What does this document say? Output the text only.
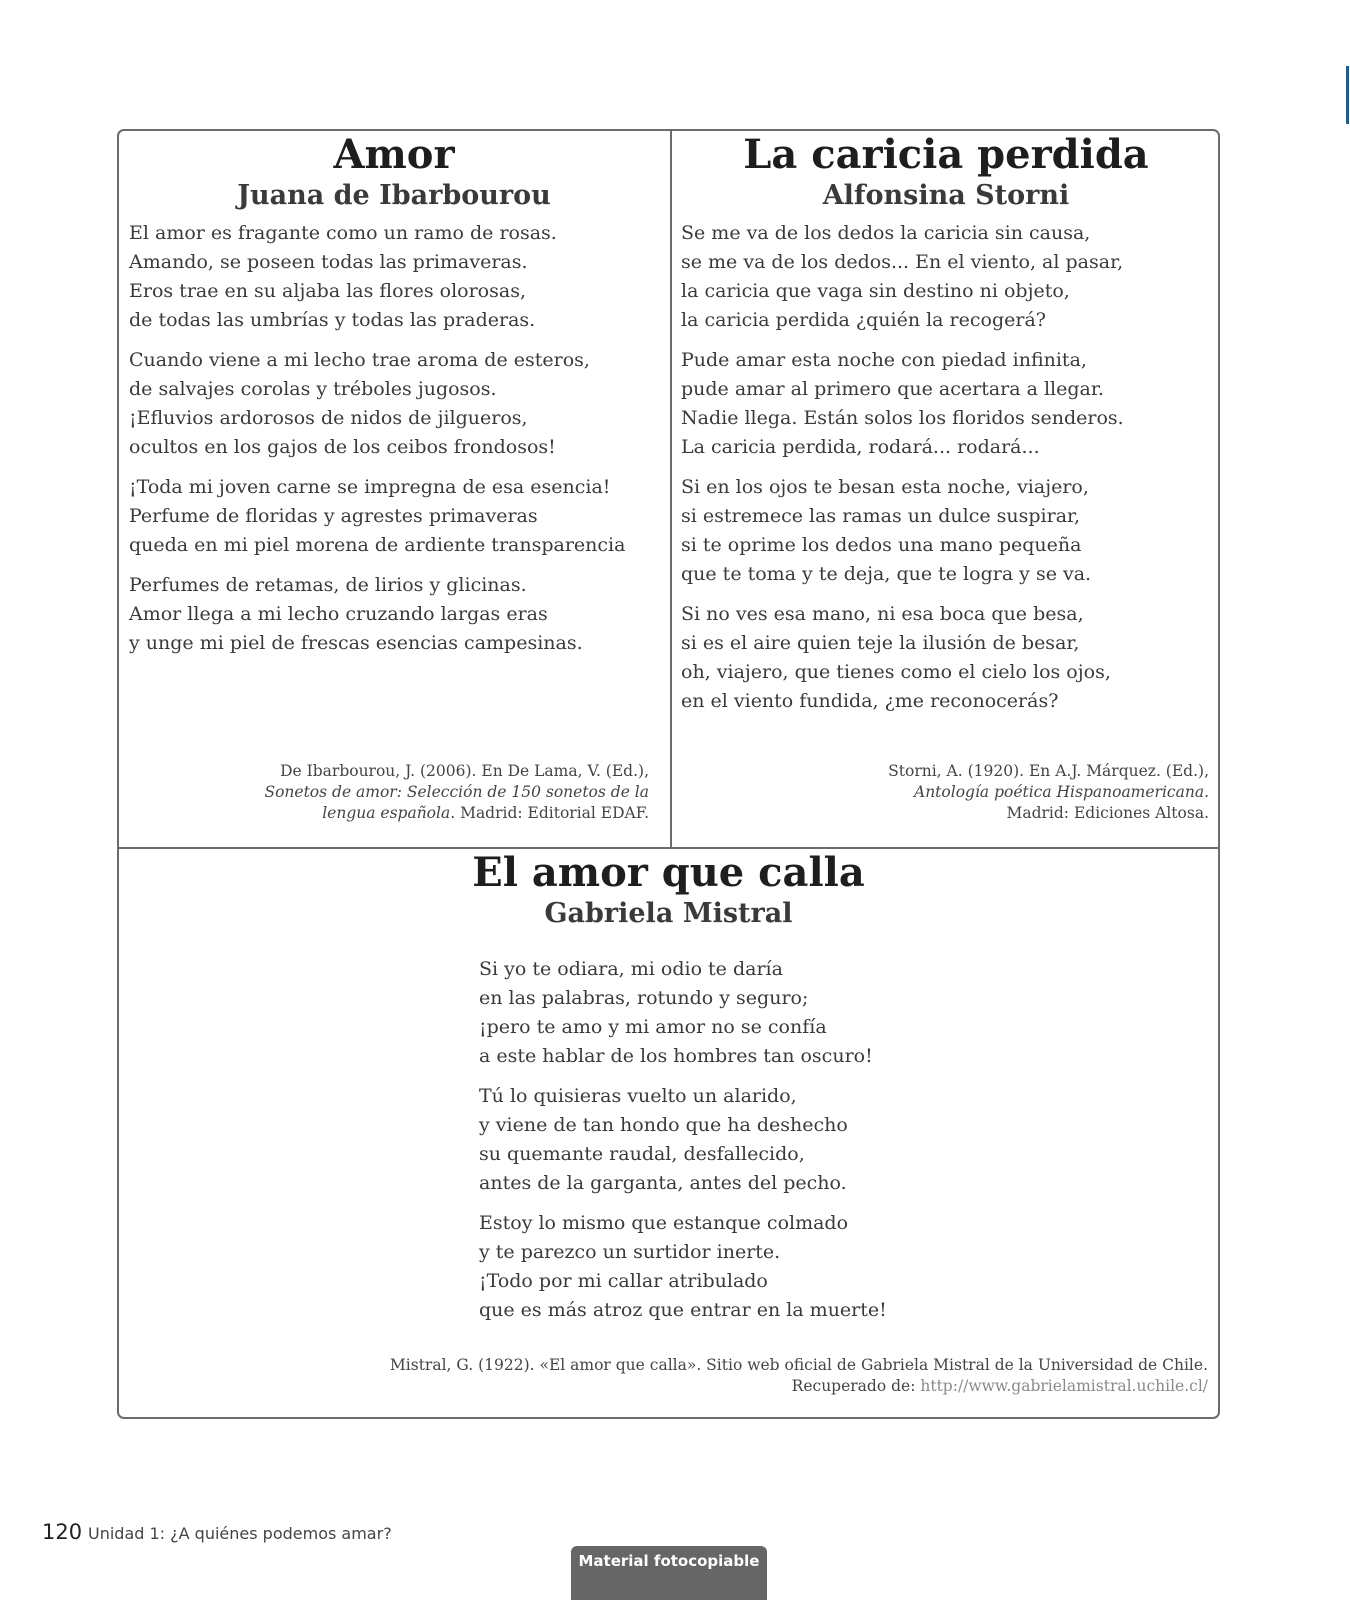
Amor
Juana de Ibarbourou
El amor es fragante como un ramo de rosas.
Amando, se poseen todas las primaveras.
Eros trae en su aljaba las flores olorosas,
de todas las umbrías y todas las praderas.
Cuando viene a mi lecho trae aroma de esteros,
de salvajes corolas y tréboles jugosos.
¡Efluvios ardorosos de nidos de jilgueros,
ocultos en los gajos de los ceibos frondosos!
¡Toda mi joven carne se impregna de esa esencia!
Perfume de floridas y agrestes primaveras
queda en mi piel morena de ardiente transparencia
Perfumes de retamas, de lirios y glicinas.
Amor llega a mi lecho cruzando largas eras
y unge mi piel de frescas esencias campesinas.
De Ibarbourou, J. (2006). En De Lama, V. (Ed.),
Sonetos de amor: Selección de 150 sonetos de la
lengua española. Madrid: Editorial EDAF.
La caricia perdida
Alfonsina Storni
Se me va de los dedos la caricia sin causa,
se me va de los dedos... En el viento, al pasar,
la caricia que vaga sin destino ni objeto,
la caricia perdida ¿quién la recogerá?
Pude amar esta noche con piedad infinita,
pude amar al primero que acertara a llegar.
Nadie llega. Están solos los floridos senderos.
La caricia perdida, rodará... rodará...
Si en los ojos te besan esta noche, viajero,
si estremece las ramas un dulce suspirar,
si te oprime los dedos una mano pequeña
que te toma y te deja, que te logra y se va.
Si no ves esa mano, ni esa boca que besa,
si es el aire quien teje la ilusión de besar,
oh, viajero, que tienes como el cielo los ojos,
en el viento fundida, ¿me reconocerás?
Storni, A. (1920). En A.J. Márquez. (Ed.),
Antología poética Hispanoamericana.
Madrid: Ediciones Altosa.
El amor que calla
Gabriela Mistral
Si yo te odiara, mi odio te daría
en las palabras, rotundo y seguro;
¡pero te amo y mi amor no se confía
a este hablar de los hombres tan oscuro!
Tú lo quisieras vuelto un alarido,
y viene de tan hondo que ha deshecho
su quemante raudal, desfallecido,
antes de la garganta, antes del pecho.
Estoy lo mismo que estanque colmado
y te parezco un surtidor inerte.
¡Todo por mi callar atribulado
que es más atroz que entrar en la muerte!
Mistral, G. (1922). «El amor que calla». Sitio web oficial de Gabriela Mistral de la Universidad de Chile.
Recuperado de: http://www.gabrielamistral.uchile.cl/
120 Unidad 1: ¿A quiénes podemos amar?
Material fotocopiable
